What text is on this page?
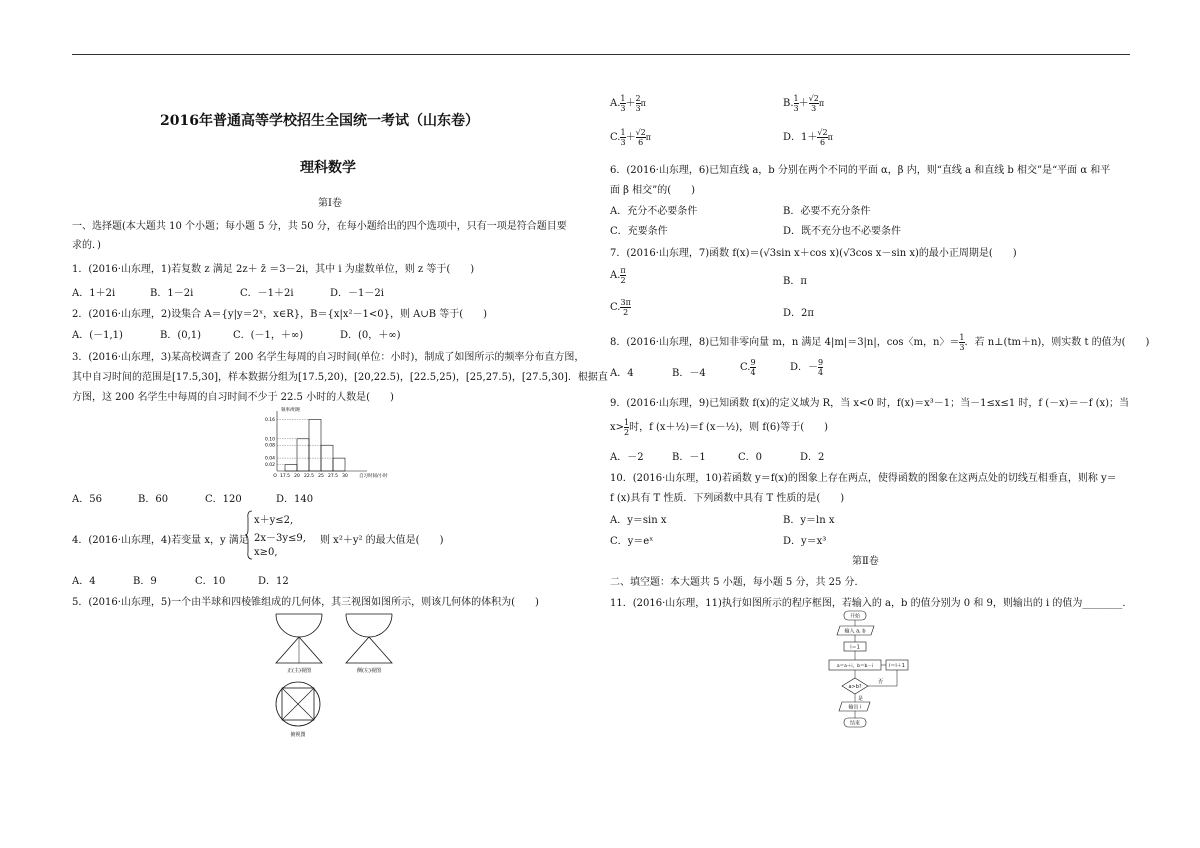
2016年普通高等学校招生全国统一考试（山东卷）
理科数学
第Ⅰ卷
一、选择题(本大题共 10 个小题；每小题 5 分，共 50 分，在每小题给出的四个选项中，只有一项是符合题目要
求的．)
1．(2016·山东理，1)若复数 z 满足 2z＋ z̄ ＝3－2i，其中 i 为虚数单位，则 z 等于(　　)
A．1＋2i	B．1－2i	C．－1＋2i	D．－1－2i
2．(2016·山东理，2)设集合 A＝{y|y＝2ˣ，x∈R}，B＝{x|x²－1<0}，则 A∪B 等于(　　)
A．(－1,1)	B．(0,1)	C．(－1，＋∞)	D．(0，＋∞)
3．(2016·山东理，3)某高校调查了 200 名学生每周的自习时间(单位：小时)，制成了如图所示的频率分布直方图，
其中自习时间的范围是[17.5,30]，样本数据分组为[17.5,20)，[20,22.5)，[22.5,25)，[25,27.5)，[27.5,30]．根据直
方图，这 200 名学生中每周的自习时间不少于 22.5 小时的人数是(　　)
0.16
0.10
0.08
0.04
0.02
O 17.5 20 22.5 25 27.5 30
频率/组距
自习时间/小时
A．56	B．60	C．120	D．140
4．(2016·山东理，4)若变量 x，y 满足
x＋y≤2,
2x－3y≤9,
x≥0,
则 x²＋y² 的最大值是(　　)
A．4	B．9	C．10	D．12
5．(2016·山东理，5)一个由半球和四棱锥组成的几何体，其三视图如图所示，则该几何体的体积为(　　)
正(主)视图	侧(左)视图
俯视图
A. $\frac{1}{3} + \frac{2}{3}$ π	B. $\frac{1}{3} + \frac{√2}{3}$ π
C. $\frac{1}{3} + \frac{√2}{6}$ π	D．$1+ \frac{√2}{6}$ π
6．(2016·山东理，6)已知直线 a，b 分别在两个不同的平面 α，β 内，则“直线 a 和直线 b 相交”是“平面 α 和平
面 β 相交”的(　　)
A．充分不必要条件	B．必要不充分条件
C．充要条件	D．既不充分也不必要条件
7．(2016·山东理，7)函数 f(x)＝(√3sin x＋cos x)(√3cos x－sin x)的最小正周期是(　　)
A. $\frac{\pi}{2}$	B．π
C. $\frac{3\pi}{2}$	D．2π
8．(2016·山东理，8)已知非零向量 m，n 满足 4|m|＝3|n|，cos〈m，n〉＝ $\frac{1}{3}$ ．若 n⊥(tm＋n)，则实数 t 的值为(　　)
A．4	B．－4
C. $\frac{9}{4}$	D．－ $\frac{9}{4}$
9．(2016·山东理，9)已知函数 f(x)的定义域为 R，当 x<0 时，f(x)＝x³－1；当－1≤x≤1 时，f (－x)＝－f (x)；当
$x> \frac{1}{2}$ 时，f (x＋½)＝f (x－½)，则 f(6)等于(　　)
A．－2	B．－1	C．0	D．2
10．(2016·山东理，10)若函数 y＝f(x)的图象上存在两点，使得函数的图象在这两点处的切线互相垂直，则称 y＝
f (x)具有 T 性质．下列函数中具有 T 性质的是(　　)
A．y＝sin x	B．y＝ln x
C．y＝eˣ	D．y＝x³
第Ⅱ卷
二、填空题：本大题共 5 小题，每小题 5 分，共 25 分．
11．(2016·山东理，11)执行如图所示的程序框图，若输入的 a，b 的值分别为 0 和 9，则输出的 i 的值为________．
开始
输入 a, b
i＝1
a＝a＋i，b＝b－i	i＝i＋1
a>b?
否
是
输出 i
结束
